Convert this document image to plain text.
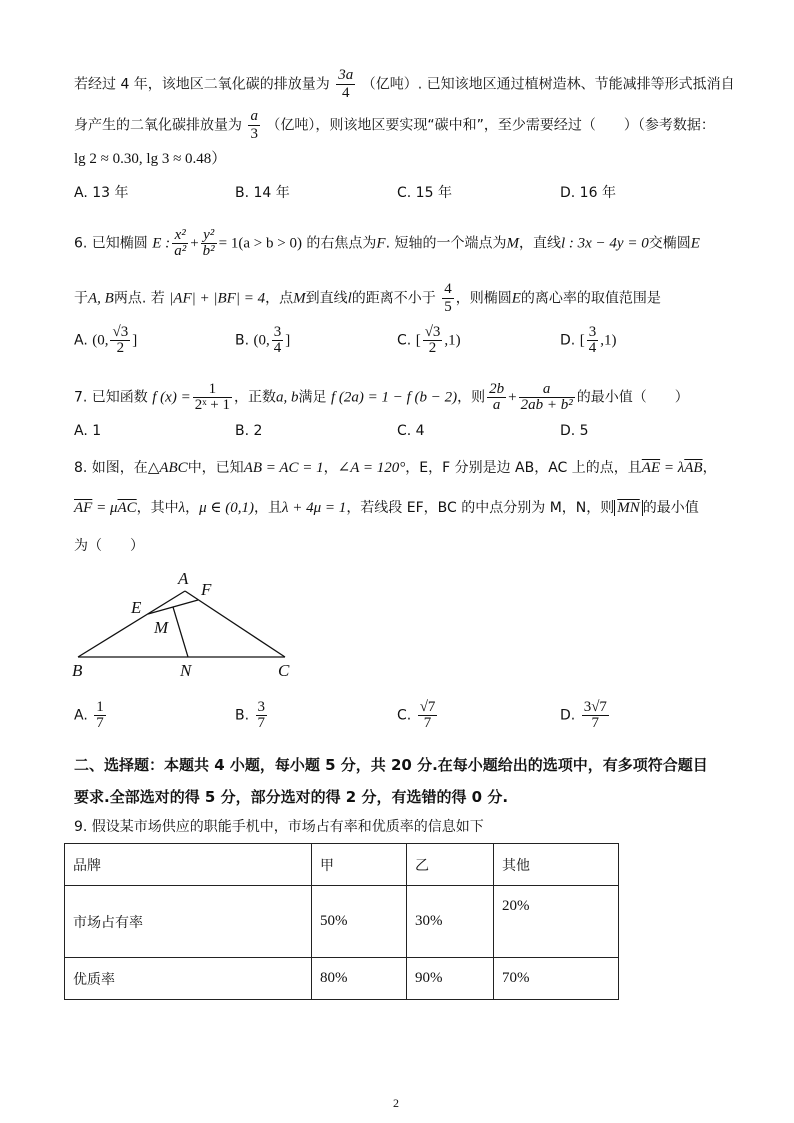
若经过 4 年，该地区二氧化碳的排放量为 $\frac{3a}{4}$ （亿吨）. 已知该地区通过植树造林、节能减排等形式抵消自
身产生的二氧化碳排放量为 $\frac{a}{3}$ （亿吨），则该地区要实现“碳中和”，至少需要经过（　　）（参考数据：
lg 2 ≈ 0.30, lg 3 ≈ 0.48）
A. 13 年	B. 14 年	C. 15 年	D. 16 年
6. 已知椭圆 E : $\frac{\text{x²}}{\text{a²}} + \frac{\text{y²}}{\text{b²}} = 1(a > b > 0)$ 的右焦点为F. 短轴的一个端点为M，直线l : 3x − 4y = 0交椭圆E
于A, B两点. 若 |AF| + |BF| = 4，点M到直线l的距离不小于 $\frac{4}{5}$ ，则椭圆E的离心率的取值范围是
A. (0, $\frac{√3}{2}$ ]	B. (0, $\frac{3}{4}$ ]	C. [ $\frac{√3}{2} ,1$)	D. [ $\frac{3}{4} ,1$)
7. 已知函数 f $(x) = \frac{1}{\text{2ˣ + 1}}$ ，正数a, b满足 f (2a) = 1 − f (b − 2)，则 $\frac{2b}{a} + \frac{a}{\text{2ab + b²}}$ 的最小值（　　）
A. 1	B. 2	C. 4	D. 5
8. 如图，在△ABC中，已知AB = AC = 1，∠A = 120°，E，F 分别是边 AB，AC 上的点，且$\overline{AE} = \lambda\overline{AB}$，
$\overline{AF} = \mu\overline{AC}$，其中λ，μ ∈ (0,1)，且λ + 4μ = 1，若线段 EF，BC 的中点分别为 M，N，则 $\overline{MN}$ 的最小值
为（　　）
A
F
E
M
B	N	C
A. $\frac{1}{7}$	B. $\frac{3}{7}$	C. $\frac{√7}{7}$	D. $\frac{3√7}{7}$
二、选择题：本题共 4 小题，每小题 5 分，共 20 分.在每小题给出的选项中，有多项符合题目
要求.全部选对的得 5 分，部分选对的得 2 分，有选错的得 0 分.
9. 假设某市场供应的职能手机中，市场占有率和优质率的信息如下
品牌	甲	乙	其他
市场占有率	50%	30%	20%
优质率	80%	90%	70%
2
